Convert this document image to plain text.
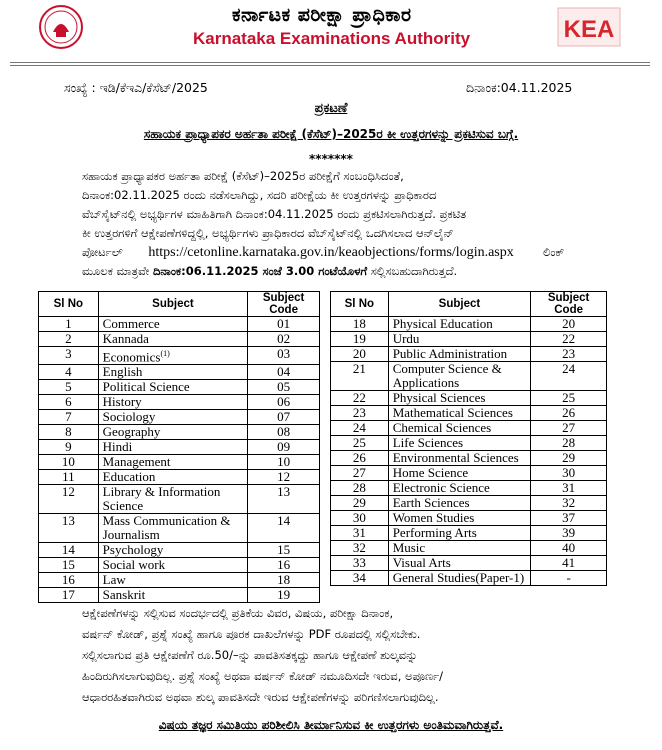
ಕರ್ನಾಟಕ ಪರೀಕ್ಷಾ ಪ್ರಾಧಿಕಾರ
Karnataka Examinations Authority	KEA
ಸಂಖ್ಯೆ : ಇಡಿ/ಕೆಇಎ/ಕೆಸೆಟ್/2025	ದಿನಾಂಕ:04.11.2025
ಪ್ರಕಟಣೆ
ಸಹಾಯಕ ಪ್ರಾಧ್ಯಾಪಕರ ಅರ್ಹತಾ ಪರೀಕ್ಷೆ (ಕೆಸೆಟ್)–2025ರ ಕೀ ಉತ್ತರಗಳನ್ನು ಪ್ರಕಟಿಸುವ ಬಗ್ಗೆ.
*******
ಸಹಾಯಕ ಪ್ರಾಧ್ಯಾಪಕರ ಅರ್ಹತಾ ಪರೀಕ್ಷೆ (ಕೆಸೆಟ್)–2025ರ ಪರೀಕ್ಷೆಗೆ ಸಂಬಂಧಿಸಿದಂತೆ,
ದಿನಾಂಕ:02.11.2025 ರಂದು ನಡೆಸಲಾಗಿದ್ದು, ಸದರಿ ಪರೀಕ್ಷೆಯ ಕೀ ಉತ್ತರಗಳನ್ನು ಪ್ರಾಧಿಕಾರದ
ವೆಬ್‌ಸೈಟ್‌ನಲ್ಲಿ ಅಭ್ಯರ್ಥಿಗಳ ಮಾಹಿತಿಗಾಗಿ ದಿನಾಂಕ:04.11.2025 ರಂದು ಪ್ರಕಟಿಸಲಾಗಿರುತ್ತದೆ. ಪ್ರಕಟಿತ
ಕೀ ಉತ್ತರಗಳಿಗೆ ಆಕ್ಷೇಪಣೆಗಳಿದ್ದಲ್ಲಿ, ಅಭ್ಯರ್ಥಿಗಳು ಪ್ರಾಧಿಕಾರದ ವೆಬ್‌ಸೈಟ್‌ನಲ್ಲಿ ಒದಗಿಸಲಾದ ಆನ್‌ಲೈನ್
ಪೋರ್ಟಲ್ https://cetonline.karnataka.gov.in/keaobjections/forms/login.aspx	ಲಿಂಕ್
ಮೂಲಕ ಮಾತ್ರವೇ ದಿನಾಂಕ:06.11.2025 ಸಂಜೆ 3.00 ಗಂಟೆಯೊಳಗೆ ಸಲ್ಲಿಸಬಹುದಾಗಿರುತ್ತದೆ.
Sl No	Subject	Subject Code
1	Commerce	01
2	Kannada	02
3	Economics$^{(1)}$	03
4	English	04
5	Political Science	05
6	History	06
7	Sociology	07
8	Geography	08
9	Hindi	09
10	Management	10
11	Education	12
12	Library & Information Science	13
13	Mass Communication & Journalism	14
14	Psychology	15
15	Social work	16
16	Law	18
17	Sanskrit	19
Sl No	Subject	Subject Code
18	Physical Education	20
19	Urdu	22
20	Public Administration	23
21	Computer Science & Applications	24
22	Physical Sciences	25
23	Mathematical Sciences	26
24	Chemical Sciences	27
25	Life Sciences	28
26	Environmental Sciences	29
27	Home Science	30
28	Electronic Science	31
29	Earth Sciences	32
30	Women Studies	37
31	Performing Arts	39
32	Music	40
33	Visual Arts	41
34	General Studies(Paper-1)	-
ಆಕ್ಷೇಪಣೆಗಳನ್ನು ಸಲ್ಲಿಸುವ ಸಂದರ್ಭದಲ್ಲಿ ಪ್ರತಿಕೆಯ ವಿವರ, ವಿಷಯ, ಪರೀಕ್ಷಾ ದಿನಾಂಕ,
ವರ್ಷನ್ ಕೋಡ್, ಪ್ರಶ್ನೆ ಸಂಖ್ಯೆ ಹಾಗೂ ಪೂರಕ ದಾಖಲೆಗಳನ್ನು PDF ರೂಪದಲ್ಲಿ ಸಲ್ಲಿಸಬೇಕು.
ಸಲ್ಲಿಸಲಾಗುವ ಪ್ರತಿ ಆಕ್ಷೇಪಣೆಗೆ ರೂ.50/–ನ್ನು ಪಾವತಿಸತಕ್ಕದ್ದು ಹಾಗೂ ಆಕ್ಷೇಪಣೆ ಶುಲ್ಕವನ್ನು
ಹಿಂದಿರುಗಿಸಲಾಗುವುದಿಲ್ಲ. ಪ್ರಶ್ನೆ ಸಂಖ್ಯೆ ಅಥವಾ ವರ್ಷನ್ ಕೋಡ್ ನಮೂದಿಸದೇ ಇರುವ, ಅಪೂರ್ಣ/
ಆಧಾರರಹಿತವಾಗಿರುವ ಅಥವಾ ಶುಲ್ಕ ಪಾವತಿಸದೇ ಇರುವ ಆಕ್ಷೇಪಣೆಗಳನ್ನು ಪರಿಗಣಿಸಲಾಗುವುದಿಲ್ಲ.
ವಿಷಯ ತಜ್ಞರ ಸಮಿತಿಯು ಪರಿಶೀಲಿಸಿ ತೀರ್ಮಾನಿಸುವ ಕೀ ಉತ್ತರಗಳು ಅಂತಿಮವಾಗಿರುತ್ತವೆ.
